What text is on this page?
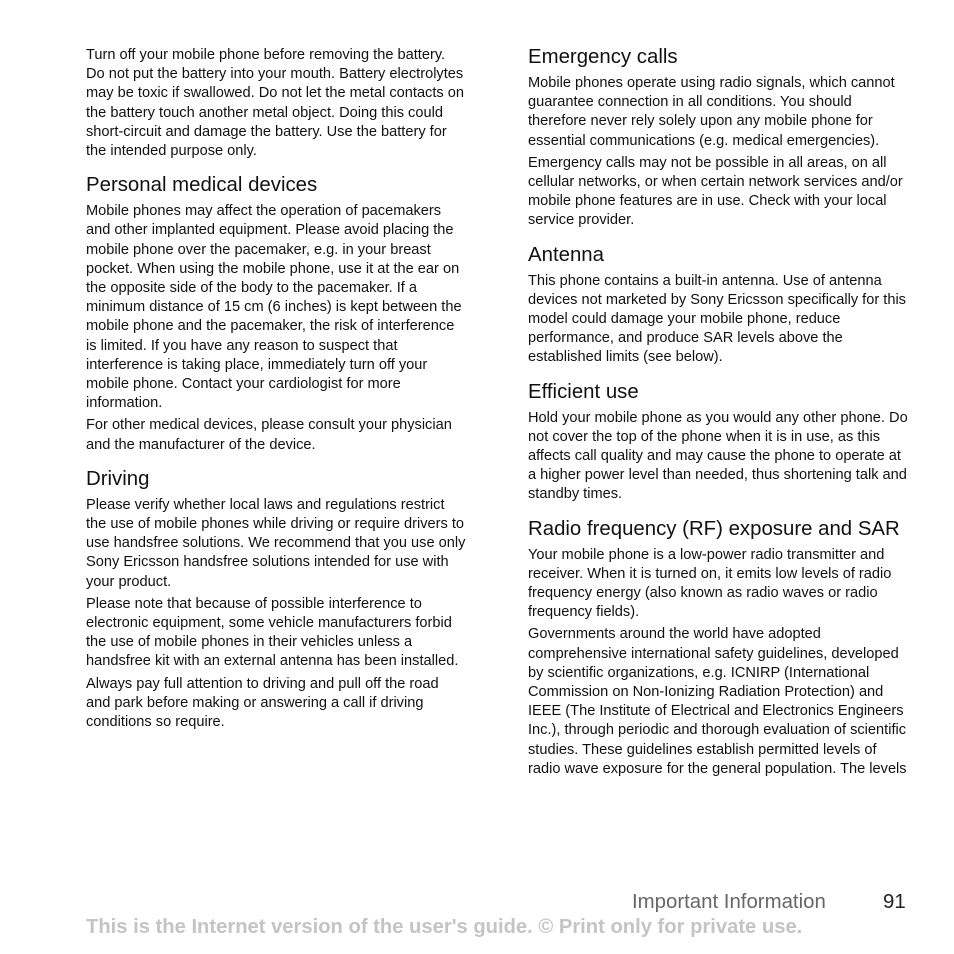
Turn off your mobile phone before removing the battery. Do not put the battery into your mouth. Battery electrolytes may be toxic if swallowed. Do not let the metal contacts on the battery touch another metal object. Doing this could short-circuit and damage the battery. Use the battery for the intended purpose only.

Personal medical devices

Mobile phones may affect the operation of pacemakers and other implanted equipment. Please avoid placing the mobile phone over the pacemaker, e.g. in your breast pocket. When using the mobile phone, use it at the ear on the opposite side of the body to the pacemaker. If a minimum distance of 15 cm (6 inches) is kept between the mobile phone and the pacemaker, the risk of interference is limited. If you have any reason to suspect that interference is taking place, immediately turn off your mobile phone. Contact your cardiologist for more information.

For other medical devices, please consult your physician and the manufacturer of the device.

Driving

Please verify whether local laws and regulations restrict the use of mobile phones while driving or require drivers to use handsfree solutions. We recommend that you use only Sony Ericsson handsfree solutions intended for use with your product.

Please note that because of possible interference to electronic equipment, some vehicle manufacturers forbid the use of mobile phones in their vehicles unless a handsfree kit with an external antenna has been installed.

Always pay full attention to driving and pull off the road and park before making or answering a call if driving conditions so require.

Emergency calls

Mobile phones operate using radio signals, which cannot guarantee connection in all conditions. You should therefore never rely solely upon any mobile phone for essential communications (e.g. medical emergencies).

Emergency calls may not be possible in all areas, on all cellular networks, or when certain network services and/or mobile phone features are in use. Check with your local service provider.

Antenna

This phone contains a built-in antenna. Use of antenna devices not marketed by Sony Ericsson specifically for this model could damage your mobile phone, reduce performance, and produce SAR levels above the established limits (see below).

Efficient use

Hold your mobile phone as you would any other phone. Do not cover the top of the phone when it is in use, as this affects call quality and may cause the phone to operate at a higher power level than needed, thus shortening talk and standby times.

Radio frequency (RF) exposure and SAR

Your mobile phone is a low-power radio transmitter and receiver. When it is turned on, it emits low levels of radio frequency energy (also known as radio waves or radio frequency fields).

Governments around the world have adopted comprehensive international safety guidelines, developed by scientific organizations, e.g. ICNIRP (International Commission on Non-Ionizing Radiation Protection) and IEEE (The Institute of Electrical and Electronics Engineers Inc.), through periodic and thorough evaluation of scientific studies. These guidelines establish permitted levels of radio wave exposure for the general population. The levels

Important Information	91
This is the Internet version of the user's guide. © Print only for private use.
